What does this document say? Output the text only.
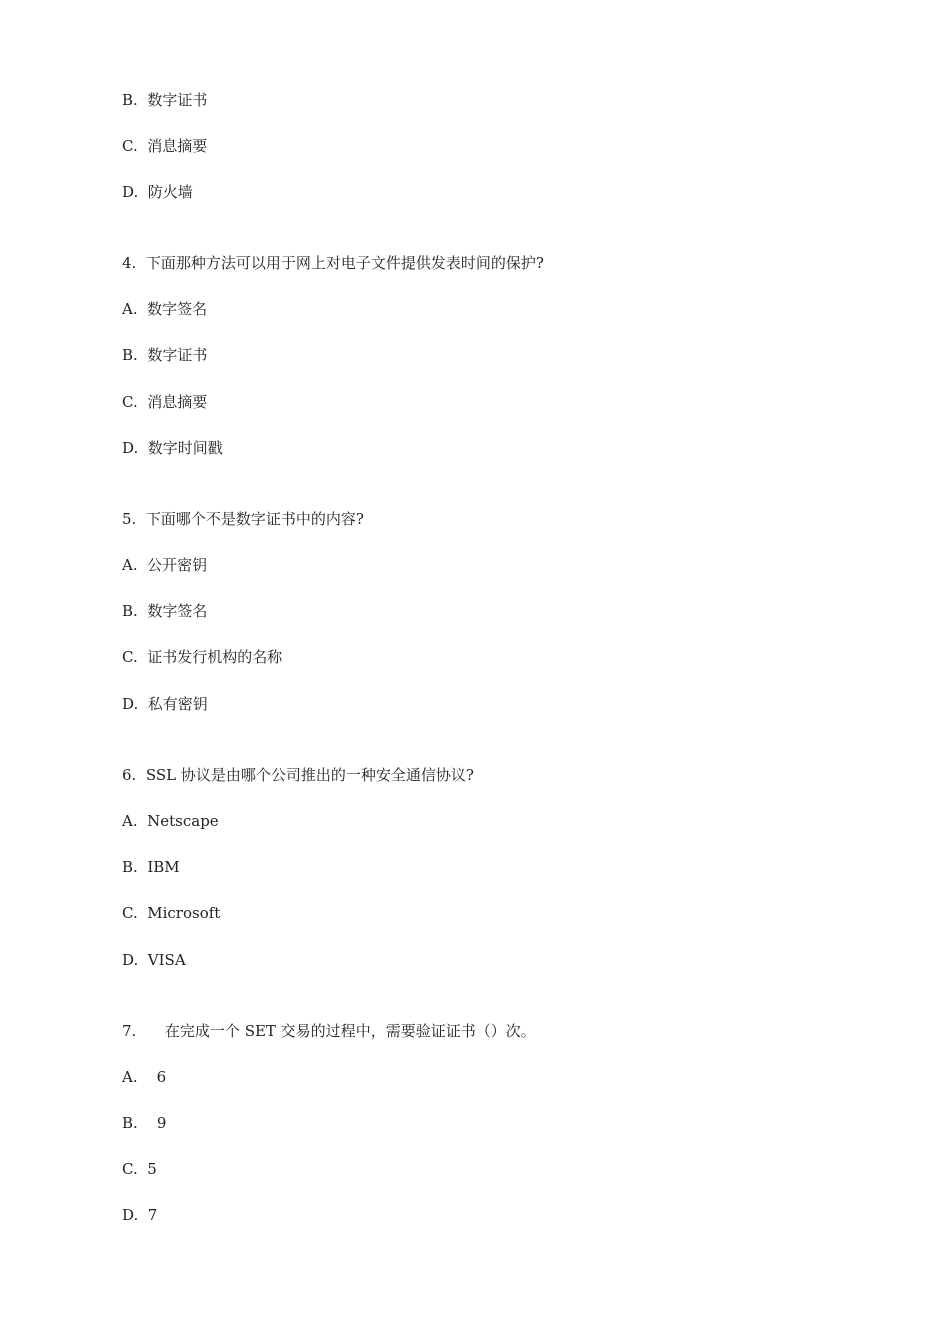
B.  数字证书
C.  消息摘要
D.  防火墙
4.  下面那种方法可以用于网上对电子文件提供发表时间的保护?
A.  数字签名
B.  数字证书
C.  消息摘要
D.  数字时间戳
5.  下面哪个不是数字证书中的内容?
A.  公开密钥
B.  数字签名
C.  证书发行机构的名称
D.  私有密钥
6.  SSL 协议是由哪个公司推出的一种安全通信协议?
A.  Netscape
B.  IBM
C.  Microsoft
D.  VISA
7.      在完成一个 SET 交易的过程中，需要验证证书（）次。
A.    6
B.    9
C.  5
D.  7
